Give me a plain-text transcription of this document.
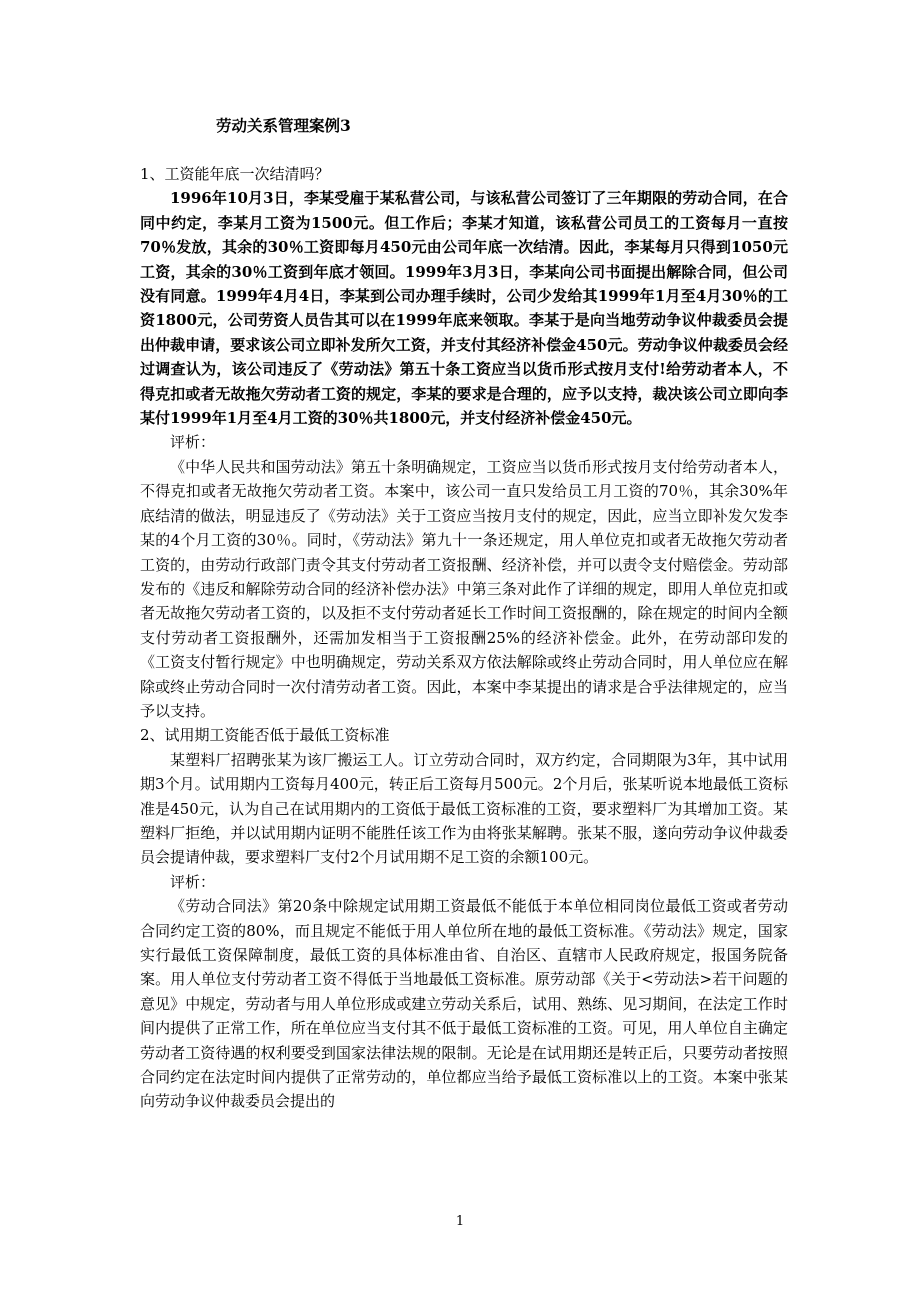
劳动关系管理案例3

1、工资能年底一次结清吗？

1996年10月3日，李某受雇于某私营公司，与该私营公司签订了三年期限的劳动合同，在合同中约定，李某月工资为1500元。但工作后；李某才知道，该私营公司员工的工资每月一直按70％发放，其余的30％工资即每月450元由公司年底一次结清。因此，李某每月只得到1050元工资，其余的30％工资到年底才领回。1999年3月3日，李某向公司书面提出解除合同，但公司没有同意。1999年4月4日，李某到公司办理手续时，公司少发给其1999年1月至4月30％的工资1800元，公司劳资人员告其可以在1999年底来领取。李某于是向当地劳动争议仲裁委员会提出仲裁申请，要求该公司立即补发所欠工资，并支付其经济补偿金450元。劳动争议仲裁委员会经过调查认为，该公司违反了《劳动法》第五十条工资应当以货币形式按月支付!给劳动者本人，不得克扣或者无故拖欠劳动者工资的规定，李某的要求是合理的，应予以支持，裁决该公司立即向李某付1999年1月至4月工资的30％共1800元，并支付经济补偿金450元。

评析：

《中华人民共和国劳动法》第五十条明确规定，工资应当以货币形式按月支付给劳动者本人，不得克扣或者无故拖欠劳动者工资。本案中，该公司一直只发给员工月工资的70％，其余30%年底结清的做法，明显违反了《劳动法》关于工资应当按月支付的规定，因此，应当立即补发欠发李某的4个月工资的30％。同时，《劳动法》第九十一条还规定，用人单位克扣或者无故拖欠劳动者工资的，由劳动行政部门责令其支付劳动者工资报酬、经济补偿，并可以责令支付赔偿金。劳动部发布的《违反和解除劳动合同的经济补偿办法》中第三条对此作了详细的规定，即用人单位克扣或者无故拖欠劳动者工资的，以及拒不支付劳动者延长工作时间工资报酬的，除在规定的时间内全额支付劳动者工资报酬外，还需加发相当于工资报酬25%的经济补偿金。此外，在劳动部印发的《工资支付暂行规定》中也明确规定，劳动关系双方依法解除或终止劳动合同时，用人单位应在解除或终止劳动合同时一次付清劳动者工资。因此，本案中李某提出的请求是合乎法律规定的，应当予以支持。

2、试用期工资能否低于最低工资标准

某塑料厂招聘张某为该厂搬运工人。订立劳动合同时，双方约定，合同期限为3年，其中试用期3个月。试用期内工资每月400元，转正后工资每月500元。2个月后，张某听说本地最低工资标准是450元，认为自己在试用期内的工资低于最低工资标准的工资，要求塑料厂为其增加工资。某塑料厂拒绝，并以试用期内证明不能胜任该工作为由将张某解聘。张某不服，遂向劳动争议仲裁委员会提请仲裁，要求塑料厂支付2个月试用期不足工资的余额100元。

评析：

《劳动合同法》第20条中除规定试用期工资最低不能低于本单位相同岗位最低工资或者劳动合同约定工资的80%，而且规定不能低于用人单位所在地的最低工资标准。《劳动法》规定，国家实行最低工资保障制度，最低工资的具体标准由省、自治区、直辖市人民政府规定，报国务院备案。用人单位支付劳动者工资不得低于当地最低工资标准。原劳动部《关于<劳动法>若干问题的意见》中规定，劳动者与用人单位形成或建立劳动关系后，试用、熟练、见习期间，在法定工作时间内提供了正常工作，所在单位应当支付其不低于最低工资标准的工资。可见，用人单位自主确定劳动者工资待遇的权利要受到国家法律法规的限制。无论是在试用期还是转正后，只要劳动者按照合同约定在法定时间内提供了正常劳动的，单位都应当给予最低工资标准以上的工资。本案中张某向劳动争议仲裁委员会提出的

1
